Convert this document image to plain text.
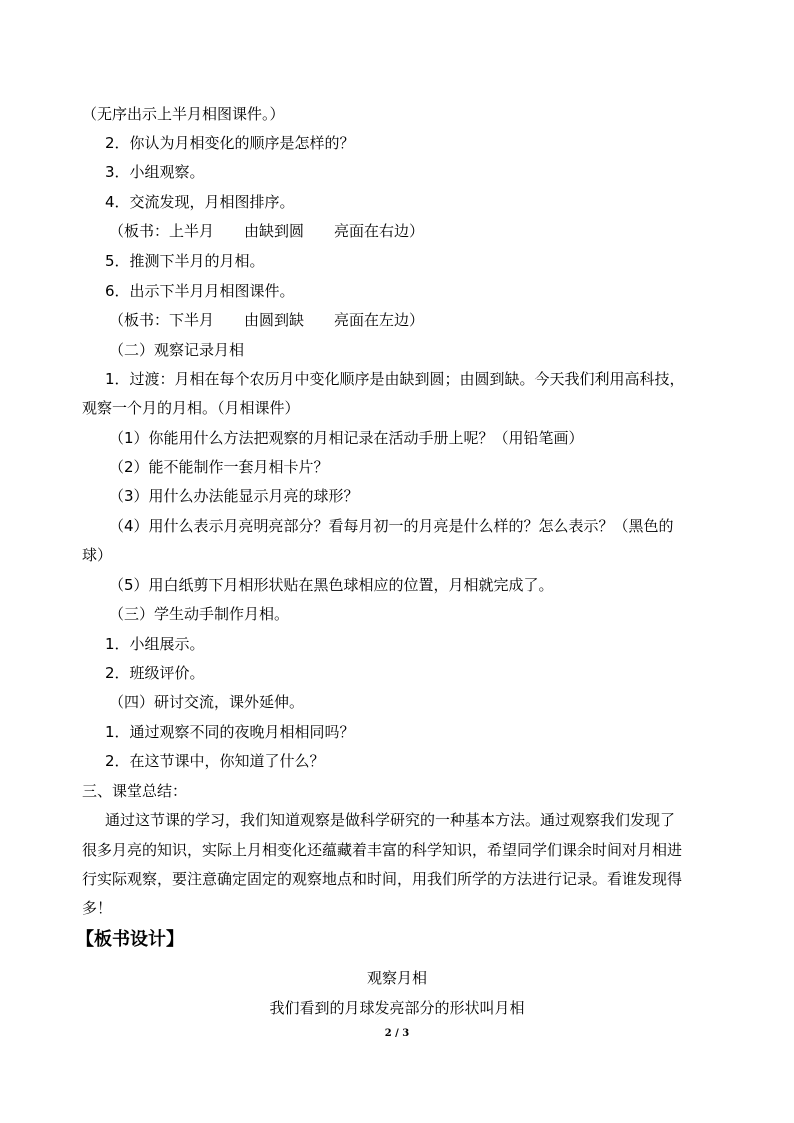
（无序出示上半月相图课件。）
2．你认为月相变化的顺序是怎样的？
3．小组观察。
4．交流发现，月相图排序。
（板书：上半月　　由缺到圆　　亮面在右边）
5．推测下半月的月相。
6．出示下半月月相图课件。
（板书：下半月　　由圆到缺　　亮面在左边）
（二）观察记录月相
1．过渡：月相在每个农历月中变化顺序是由缺到圆；由圆到缺。今天我们利用高科技，
观察一个月的月相。（月相课件）
（1）你能用什么方法把观察的月相记录在活动手册上呢？（用铅笔画）
（2）能不能制作一套月相卡片？
（3）用什么办法能显示月亮的球形？
（4）用什么表示月亮明亮部分？看每月初一的月亮是什么样的？怎么表示？（黑色的
球）
（5）用白纸剪下月相形状贴在黑色球相应的位置，月相就完成了。
（三）学生动手制作月相。
1．小组展示。
2．班级评价。
（四）研讨交流，课外延伸。
1．通过观察不同的夜晚月相相同吗？
2．在这节课中，你知道了什么？
三、课堂总结：
通过这节课的学习，我们知道观察是做科学研究的一种基本方法。通过观察我们发现了
很多月亮的知识，实际上月相变化还蕴藏着丰富的科学知识，希望同学们课余时间对月相进
行实际观察，要注意确定固定的观察地点和时间，用我们所学的方法进行记录。看谁发现得
多！
【板书设计】
观察月相
我们看到的月球发亮部分的形状叫月相
2 / 3
